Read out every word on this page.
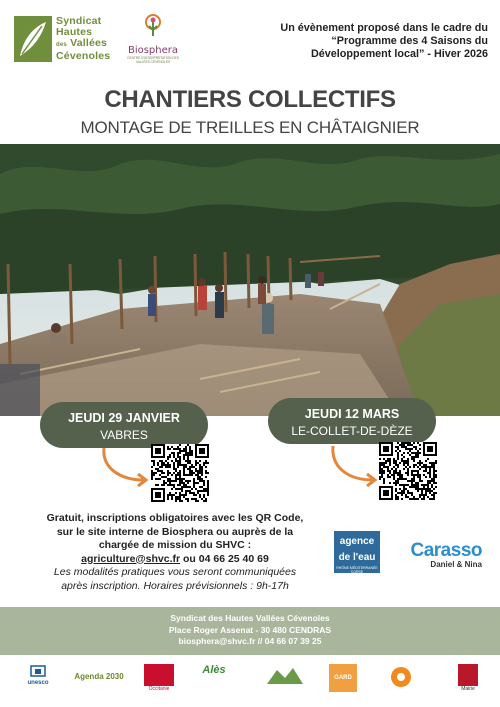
Syndicat
Hautes
des Vallées
Cévenoles	Biosphera
CENTRE D'INTERPRÉTATION DES VALLÉES CÉVENOLES
Un évènement proposé dans le cadre du
“Programme des 4 Saisons du
Développement local” - Hiver 2026
CHANTIERS COLLECTIFS
MONTAGE DE TREILLES EN CHÂTAIGNIER
JEUDI 29 JANVIER
VABRES
JEUDI 12 MARS
LE-COLLET-DE-DÈZE
Gratuit, inscriptions obligatoires avec les QR Code,
sur le site interne de Biosphera ou auprès de la
chargée de mission du SHVC :
agriculture@shvc.fr ou 04 66 25 40 69
Les modalités pratiques vous seront communiquées
après inscription. Horaires prévisionnels : 9h-17h
agence
de l'eau
RHÔNE MÉDITERRANÉE CORSE
Carasso
Daniel & Nina
Syndicat des Hautes Vallées Cévenoles
Place Roger Assenat - 30 480 CENDRAS
biosphera@shvc.fr // 04 66 07 39 25
unesco
Agenda 2030
Occitanie
Alès
GARD
Mairie
